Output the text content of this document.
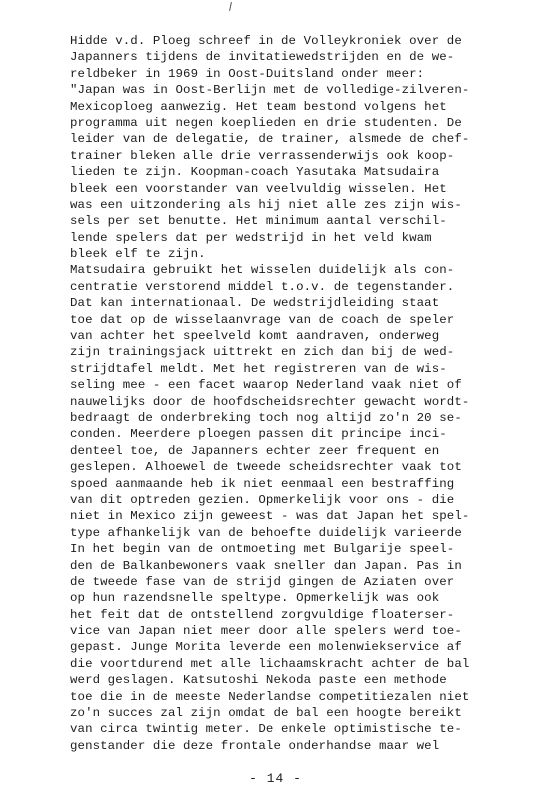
Hidde v.d. Ploeg schreef in de Volleykroniek over de
Japanners tijdens de invitatiewedstrijden en de we-
reldbeker in 1969 in Oost-Duitsland onder meer:
"Japan was in Oost-Berlijn met de volledige-zilveren-
Mexicoploeg aanwezig. Het team bestond volgens het
programma uit negen koeplieden en drie studenten. De
leider van de delegatie, de trainer, alsmede de chef-
trainer bleken alle drie verrassenderwijs ook koop-
lieden te zijn. Koopman-coach Yasutaka Matsudaira
bleek een voorstander van veelvuldig wisselen. Het
was een uitzondering als hij niet alle zes zijn wis-
sels per set benutte. Het minimum aantal verschil-
lende spelers dat per wedstrijd in het veld kwam
bleek elf te zijn.
Matsudaira gebruikt het wisselen duidelijk als con-
centratie verstorend middel t.o.v. de tegenstander.
Dat kan internationaal. De wedstrijdleiding staat
toe dat op de wisselaanvrage van de coach de speler
van achter het speelveld komt aandraven, onderweg
zijn trainingsjack uittrekt en zich dan bij de wed-
strijdtafel meldt. Met het registreren van de wis-
seling mee - een facet waarop Nederland vaak niet of
nauwelijks door de hoofdscheidsrechter gewacht wordt-
bedraagt de onderbreking toch nog altijd zo'n 20 se-
conden. Meerdere ploegen passen dit principe inci-
denteel toe, de Japanners echter zeer frequent en
geslepen. Alhoewel de tweede scheidsrechter vaak tot
spoed aanmaande heb ik niet eenmaal een bestraffing
van dit optreden gezien. Opmerkelijk voor ons - die
niet in Mexico zijn geweest - was dat Japan het spel-
type afhankelijk van de behoefte duidelijk varieerde
In het begin van de ontmoeting met Bulgarije speel-
den de Balkanbewoners vaak sneller dan Japan. Pas in
de tweede fase van de strijd gingen de Aziaten over
op hun razendsnelle speltype. Opmerkelijk was ook
het feit dat de ontstellend zorgvuldige floaterser-
vice van Japan niet meer door alle spelers werd toe-
gepast. Junge Morita leverde een molenwiekservice af
die voortdurend met alle lichaamskracht achter de bal
werd geslagen. Katsutoshi Nekoda paste een methode
toe die in de meeste Nederlandse competitiezalen niet
zo'n succes zal zijn omdat de bal een hoogte bereikt
van circa twintig meter. De enkele optimistische te-
genstander die deze frontale onderhandse maar wel
- 14 -
